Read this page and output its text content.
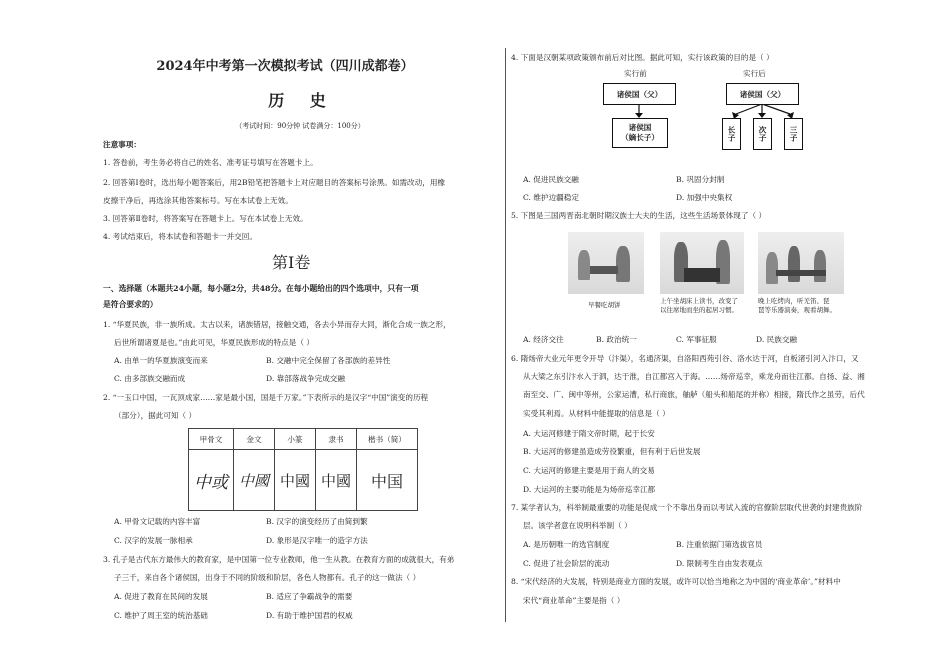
2024年中考第一次模拟考试（四川成都卷）
历 史
（考试时间：90分钟 试卷满分：100分）
注意事项：
1. 答卷前，考生务必将自己的姓名、准考证号填写在答题卡上。
2. 回答第Ⅰ卷时，选出每小题答案后，用2B铅笔把答题卡上对应题目的答案标号涂黑。如需改动，用橡
皮擦干净后，再选涂其他答案标号。写在本试卷上无效。
3. 回答第Ⅱ卷时，将答案写在答题卡上。写在本试卷上无效。
4. 考试结束后，将本试卷和答题卡一并交回。
第Ⅰ卷
一、选择题（本题共24小题，每小题2分，共48分。在每小题给出的四个选项中，只有一项
是符合要求的）
1. “华夏民族，非一族所成。太古以来，诸族错居，接触交通，各去小异而存大同，渐化合成一族之形，
后世所谓诸夏是也。”由此可见，华夏民族形成的特点是（ ）
A. 由单一的华夏族演变而来	B. 交融中完全保留了各部族的差异性
C. 由多部族交融而成	D. 靠部落战争完成交融
2. “一玉口中国，一瓦顶成家……家是最小国，国是千万家。”下表所示的是汉字“中国”演变的历程
（部分），据此可知（ ）
甲骨文	金文	小篆	隶书	楷书（简）
中或	中國	中國	中國	中国
A. 甲骨文记载的内容丰富	B. 汉字的演变经历了由简到繁
C. 汉字的发展一脉相承	D. 象形是汉字唯一的造字方法
3. 孔子是古代东方最伟大的教育家，是中国第一位专业教师，他一生从教。在教育方面的成就很大，有弟
子三千，来自各个诸侯国，出身于不同的阶级和阶层，各色人物都有。孔子的这一做法（ ）
A. 促进了教育在民间的发展	B. 适应了争霸战争的需要
C. 维护了周王室的统治基础	D. 有助于维护国君的权威
4. 下面是汉朝某项政策颁布前后对比图。据此可知，实行该政策的目的是（ ）
实行前	实行后
诸侯国（父）
诸侯国
（嫡长子）
诸侯国（父）
长子	次子	三子
A. 促进民族交融	B. 巩固分封制
C. 维护边疆稳定	D. 加强中央集权
5. 下图是三国两晋南北朝时期汉族士大夫的生活，这些生活场景体现了（ ）
早餐吃胡饼	上午坐胡床上读书，改变了
以往席地而坐的起居习惯。
晚上吃烤肉，听羌笛、琵
琶等乐器演奏，观看胡舞。
A. 经济交往	B. 政治统一	C. 军事征服	D. 民族交融
6. 隋炀帝大业元年更令开导（汴渠），名通济渠，自洛阳西苑引谷、洛水达于河，自板渚引河入汴口，又
从大梁之东引汴水入于泗，达于淮，自江都宫入于海。……炀帝巡幸，乘龙舟而往江都。自扬、益、湘
南至交、广、闽中等州，公家运漕，私行商旅，舳舻（船头和船尾的并称）相接，隋氏作之虽劳，后代
实受其利焉。从材料中能提取的信息是（ ）
A. 大运河修建于隋文帝时期，起于长安
B. 大运河的修建虽造成劳役繁重，但有利于后世发展
C. 大运河的修建主要是用于商人的交易
D. 大运河的主要功能是为炀帝巡幸江都
7. 某学者认为，科举制最重要的功能是促成一个不靠出身而以考试入流的官僚阶层取代世袭的封建贵族阶
层。该学者意在说明科举制（ ）
A. 是历朝唯一的选官制度	B. 注重依据门第选拔官员
C. 促进了社会阶层的流动	D. 限制考生自由发表观点
8. “宋代经济的大发展，特别是商业方面的发展，或许可以恰当地称之为中国的‘商业革命’。”材料中
宋代“商业革命”主要是指（ ）
